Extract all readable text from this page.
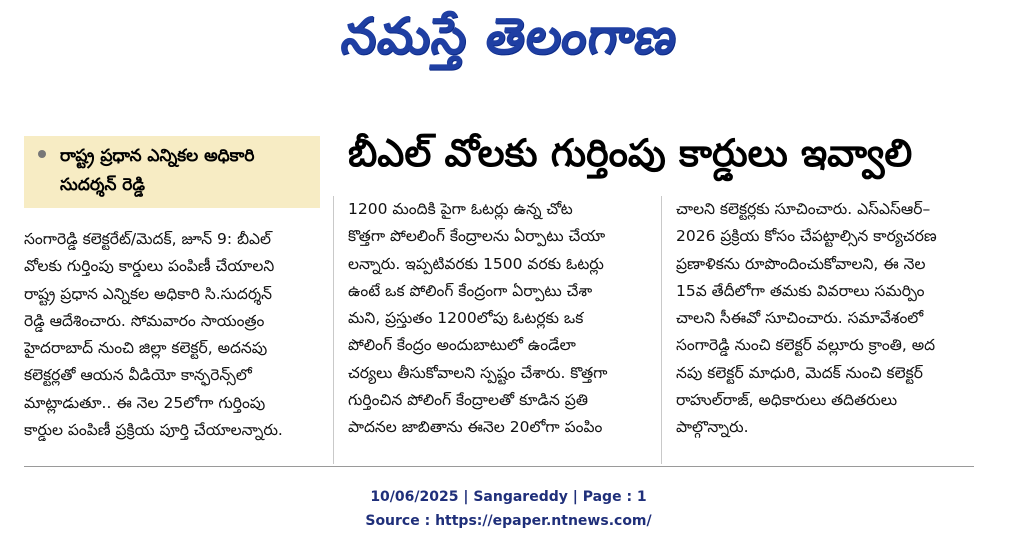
నమస్తే తెలంగాణ
రాష్ట్ర ప్రధాన ఎన్నికల అధికారి సుదర్శన్ రెడ్డి
బీఎల్ వోలకు గుర్తింపు కార్డులు ఇవ్వాలి
సంగారెడ్డి కలెక్టరేట్/మెదక్, జూన్ 9: బీఎల్
వోలకు గుర్తింపు కార్డులు పంపిణీ చేయాలని
రాష్ట్ర ప్రధాన ఎన్నికల అధికారి సి.సుదర్శన్
రెడ్డి ఆదేశించారు. సోమవారం సాయంత్రం
హైదరాబాద్ నుంచి జిల్లా కలెక్టర్, అదనపు
కలెక్టర్లతో ఆయన వీడియో కాన్ఫరెన్స్‌లో
మాట్లాడుతూ.. ఈ నెల 25లోగా గుర్తింపు
కార్డుల పంపిణీ ప్రక్రియ పూర్తి చేయాలన్నారు.
1200 మందికి పైగా ఓటర్లు ఉన్న చోట
కొత్తగా పోలలింగ్ కేంద్రాలను ఏర్పాటు చేయా
లన్నారు. ఇప్పటివరకు 1500 వరకు ఓటర్లు
ఉంటే ఒక పోలింగ్ కేంద్రంగా ఏర్పాటు చేశా
మని, ప్రస్తుతం 1200లోపు ఓటర్లకు ఒక
పోలింగ్ కేంద్రం అందుబాటులో ఉండేలా
చర్యలు తీసుకోవాలని స్పష్టం చేశారు. కొత్తగా
గుర్తించిన పోలింగ్ కేంద్రాలతో కూడిన ప్రతి
పాదనల జాబితాను ఈనెల 20లోగా పంపిం
చాలని కలెక్టర్లకు సూచించారు. ఎస్ఎస్ఆర్–
2026 ప్రక్రియ కోసం చేపట్టాల్సిన కార్యచరణ
ప్రణాళికను రూపొందించుకోవాలని, ఈ నెల
15వ తేదీలోగా తమకు వివరాలు సమర్పిం
చాలని సీఈవో సూచించారు. సమావేశంలో
సంగారెడ్డి నుంచి కలెక్టర్ వల్లూరు క్రాంతి, అద
నపు కలెక్టర్ మాధురి, మెదక్ నుంచి కలెక్టర్
రాహుల్‌రాజ్, అధికారులు తదితరులు
పాల్గొన్నారు.
10/06/2025 | Sangareddy | Page : 1
Source : https://epaper.ntnews.com/
